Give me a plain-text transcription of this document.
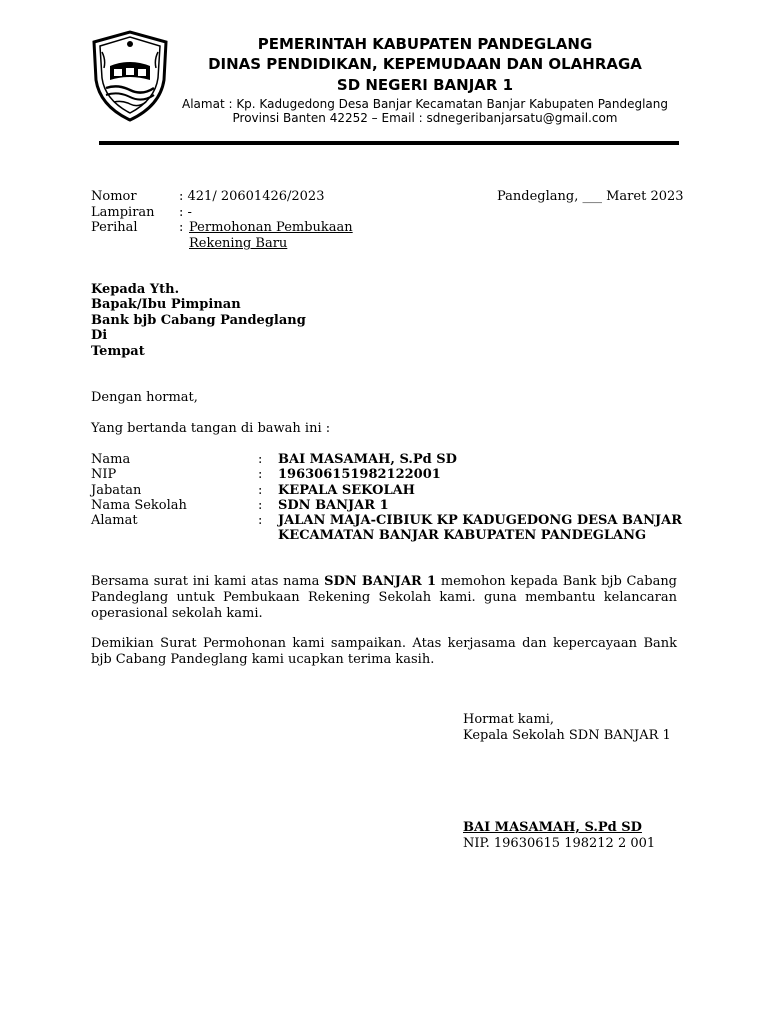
PEMERINTAH KABUPATEN PANDEGLANG
DINAS PENDIDIKAN, KEPEMUDAAN DAN OLAHRAGA
SD NEGERI BANJAR 1
Alamat : Kp. Kadugedong Desa Banjar Kecamatan Banjar Kabupaten Pandeglang
Provinsi Banten 42252 – Email : sdnegeribanjarsatu@gmail.com
Nomor	: 421/ 20601426/2023
Lampiran : -
Perihal	: Permohonan Pembukaan
Rekening Baru
Pandeglang, ___ Maret 2023
Kepada Yth.
Bapak/Ibu Pimpinan
Bank bjb Cabang Pandeglang
Di
Tempat
Dengan hormat,
Yang bertanda tangan di bawah ini :
Nama	: BAI MASAMAH, S.Pd SD
NIP	: 196306151982122001
Jabatan	: KEPALA SEKOLAH
Nama Sekolah	: SDN BANJAR 1
Alamat	: JALAN MAJA-CIBIUK KP KADUGEDONG DESA BANJAR
KECAMATAN BANJAR KABUPATEN PANDEGLANG
Bersama surat ini kami atas nama SDN BANJAR 1 memohon kepada Bank bjb Cabang Pandeglang untuk Pembukaan Rekening Sekolah kami. guna membantu kelancaran operasional sekolah kami.
Demikian Surat Permohonan kami sampaikan. Atas kerjasama dan kepercayaan Bank bjb Cabang Pandeglang kami ucapkan terima kasih.
Hormat kami,
Kepala Sekolah SDN BANJAR 1
BAI MASAMAH, S.Pd SD
NIP. 19630615 198212 2 001
